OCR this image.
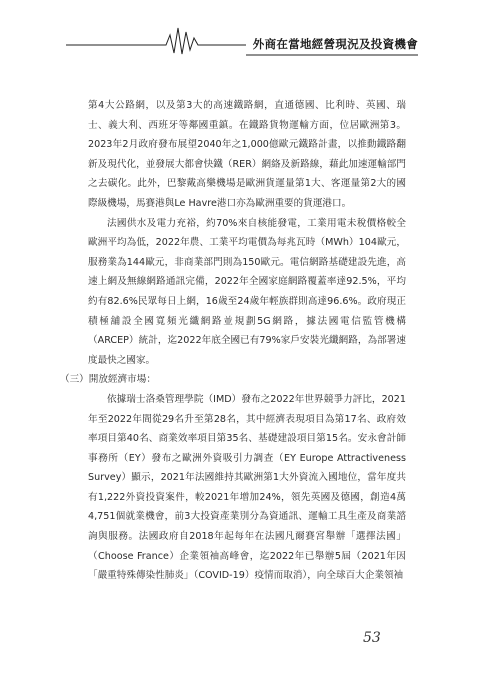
外商在當地經營現況及投資機會

第4大公路網，以及第3大的高速鐵路網，直通德國、比利時、英國、瑞士、義大利、西班牙等鄰國重鎮。在鐵路貨物運輸方面，位居歐洲第3。2023年2月政府發布展望2040年之1,000億歐元鐵路計畫，以推動鐵路翻新及現代化，並發展大都會快鐵（RER）網絡及新路線，藉此加速運輸部門之去碳化。此外，巴黎戴高樂機場是歐洲貨運量第1大、客運量第2大的國際級機場，馬賽港與Le Havre港口亦為歐洲重要的貨運港口。

法國供水及電力充裕，約70%來自核能發電，工業用電未稅價格較全歐洲平均為低，2022年農、工業平均電價為每兆瓦時（MWh）104歐元，服務業為144歐元，非商業部門則為150歐元。電信網路基礎建設先進，高速上網及無線網路通訊完備，2022年全國家庭網路覆蓋率達92.5%，平均約有82.6%民眾每日上網，16歲至24歲年輕族群則高達96.6%。政府現正積極舖設全國寬頻光纖網路並規劃5G網路，據法國電信監管機構（ARCEP）統計，迄2022年底全國已有79%家戶安裝光纖網路，為部署速度最快之國家。

（三）開放經濟市場：

依據瑞士洛桑管理學院（IMD）發布之2022年世界競爭力評比，2021年至2022年間從29名升至第28名，其中經濟表現項目為第17名、政府效率項目第40名、商業效率項目第35名、基礎建設項目第15名。安永會計師事務所（EY）發布之歐洲外資吸引力調查（EY Europe Attractiveness Survey）顯示，2021年法國維持其歐洲第1大外資流入國地位，當年度共有1,222外資投資案件，較2021年增加24%，領先英國及德國，創造4萬4,751個就業機會，前3大投資產業別分為資通訊、運輸工具生產及商業諮詢與服務。法國政府自2018年起每年在法國凡爾賽宮舉辦「選擇法國」（Choose France）企業領袖高峰會，迄2022年已舉辦5屆（2021年因「嚴重特殊傳染性肺炎」（COVID-19）疫情而取消），向全球百大企業領袖

53
